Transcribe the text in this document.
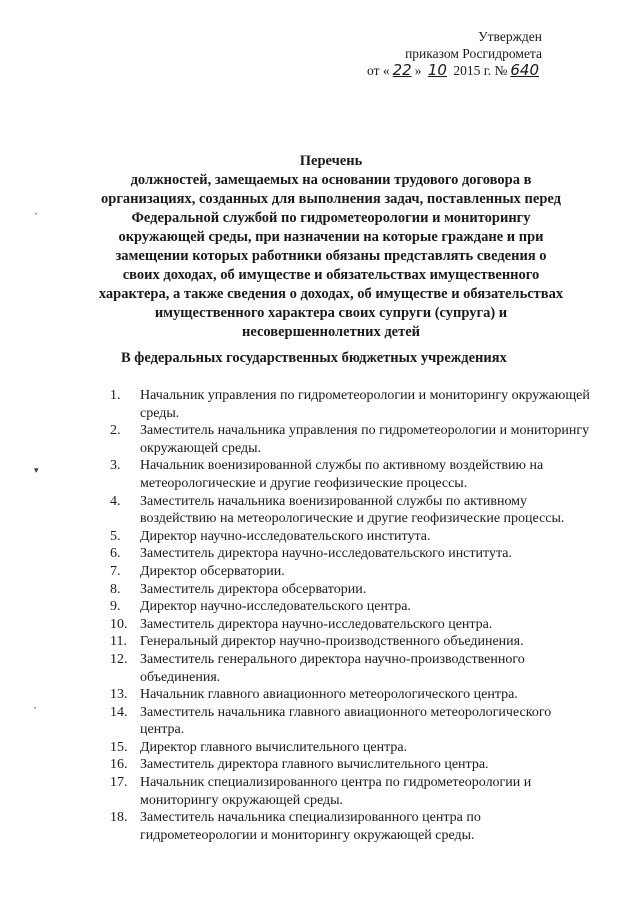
Утвержден
приказом Росгидромета
от « 22 » 10 2015 г. № 640
Перечень
должностей, замещаемых на основании трудового договора в организациях, созданных для выполнения задач, поставленных перед Федеральной службой по гидрометеорологии и мониторингу окружающей среды, при назначении на которые граждане и при замещении которых работники обязаны представлять сведения о своих доходах, об имуществе и обязательствах имущественного характера, а также сведения о доходах, об имуществе и обязательствах имущественного характера своих супруги (супруга) и несовершеннолетних детей
В федеральных государственных бюджетных учреждениях
1.	Начальник управления по гидрометеорологии и мониторингу окружающей среды.
2.	Заместитель начальника управления по гидрометеорологии и мониторингу окружающей среды.
3.	Начальник военизированной службы по активному воздействию на метеорологические и другие геофизические процессы.
4.	Заместитель начальника военизированной службы по активному воздействию на метеорологические и другие геофизические процессы.
5.	Директор научно-исследовательского института.
6.	Заместитель директора научно-исследовательского института.
7.	Директор обсерватории.
8.	Заместитель директора обсерватории.
9.	Директор научно-исследовательского центра.
10. Заместитель директора научно-исследовательского центра.
11. Генеральный директор научно-производственного объединения.
12. Заместитель генерального директора научно-производственного объединения.
13. Начальник главного авиационного метеорологического центра.
14. Заместитель начальника главного авиационного метеорологического центра.
15. Директор главного вычислительного центра.
16. Заместитель директора главного вычислительного центра.
17. Начальник специализированного центра по гидрометеорологии и мониторингу окружающей среды.
18. Заместитель начальника специализированного центра по гидрометеорологии и мониторингу окружающей среды.
▾
•
•
